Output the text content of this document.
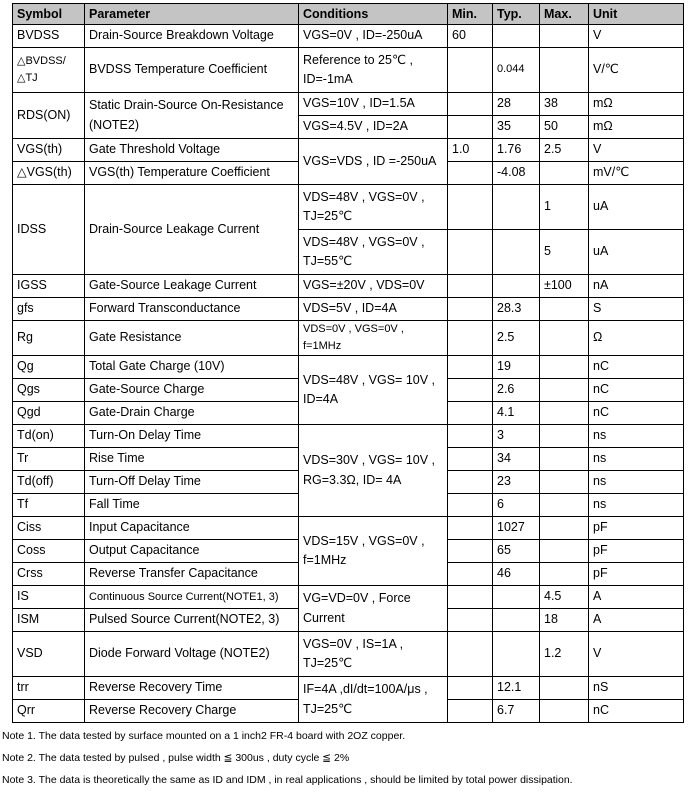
Symbol	Parameter	Conditions	Min.	Typ.	Max.	Unit
BVDSS	Drain-Source Breakdown Voltage	VGS=0V , ID=-250uA	60			V
△BVDSS/△TJ	BVDSS Temperature Coefficient	Reference to 25℃ , ID=-1mA		0.044		V/℃
RDS(ON)	Static Drain-Source On-Resistance (NOTE2)	VGS=10V , ID=1.5A		28	38	mΩ
		VGS=4.5V , ID=2A		35	50	mΩ
VGS(th)	Gate Threshold Voltage	VGS=VDS , ID =-250uA	1.0	1.76	2.5	V
△VGS(th)	VGS(th) Temperature Coefficient			-4.08		mV/℃
IDSS	Drain-Source Leakage Current	VDS=48V , VGS=0V , TJ=25℃			1	uA
		VDS=48V , VGS=0V , TJ=55℃			5	uA
IGSS	Gate-Source Leakage Current	VGS=±20V , VDS=0V			±100	nA
gfs	Forward Transconductance	VDS=5V , ID=4A		28.3		S
Rg	Gate Resistance	VDS=0V , VGS=0V , f=1MHz		2.5		Ω
Qg	Total Gate Charge (10V)	VDS=48V , VGS= 10V , ID=4A		19		nC
Qgs	Gate-Source Charge			2.6		nC
Qgd	Gate-Drain Charge			4.1		nC
Td(on)	Turn-On Delay Time	VDS=30V , VGS= 10V , RG=3.3Ω, ID= 4A		3		ns
Tr	Rise Time			34		ns
Td(off)	Turn-Off Delay Time			23		ns
Tf	Fall Time			6		ns
Ciss	Input Capacitance	VDS=15V , VGS=0V , f=1MHz		1027		pF
Coss	Output Capacitance			65		pF
Crss	Reverse Transfer Capacitance			46		pF
IS	Continuous Source Current(NOTE1, 3)	VG=VD=0V , Force Current			4.5	A
ISM	Pulsed Source Current(NOTE2, 3)				18	A
VSD	Diode Forward Voltage (NOTE2)	VGS=0V , IS=1A , TJ=25℃			1.2	V
trr	Reverse Recovery Time	IF=4A ,dI/dt=100A/μs , TJ=25℃		12.1		nS
Qrr	Reverse Recovery Charge			6.7		nC
Note 1. The data tested by surface mounted on a 1 inch2 FR-4 board with 2OZ copper.
Note 2. The data tested by pulsed , pulse width ≦ 300us , duty cycle ≦ 2%
Note 3. The data is theoretically the same as ID and IDM , in real applications , should be limited by total power dissipation.
